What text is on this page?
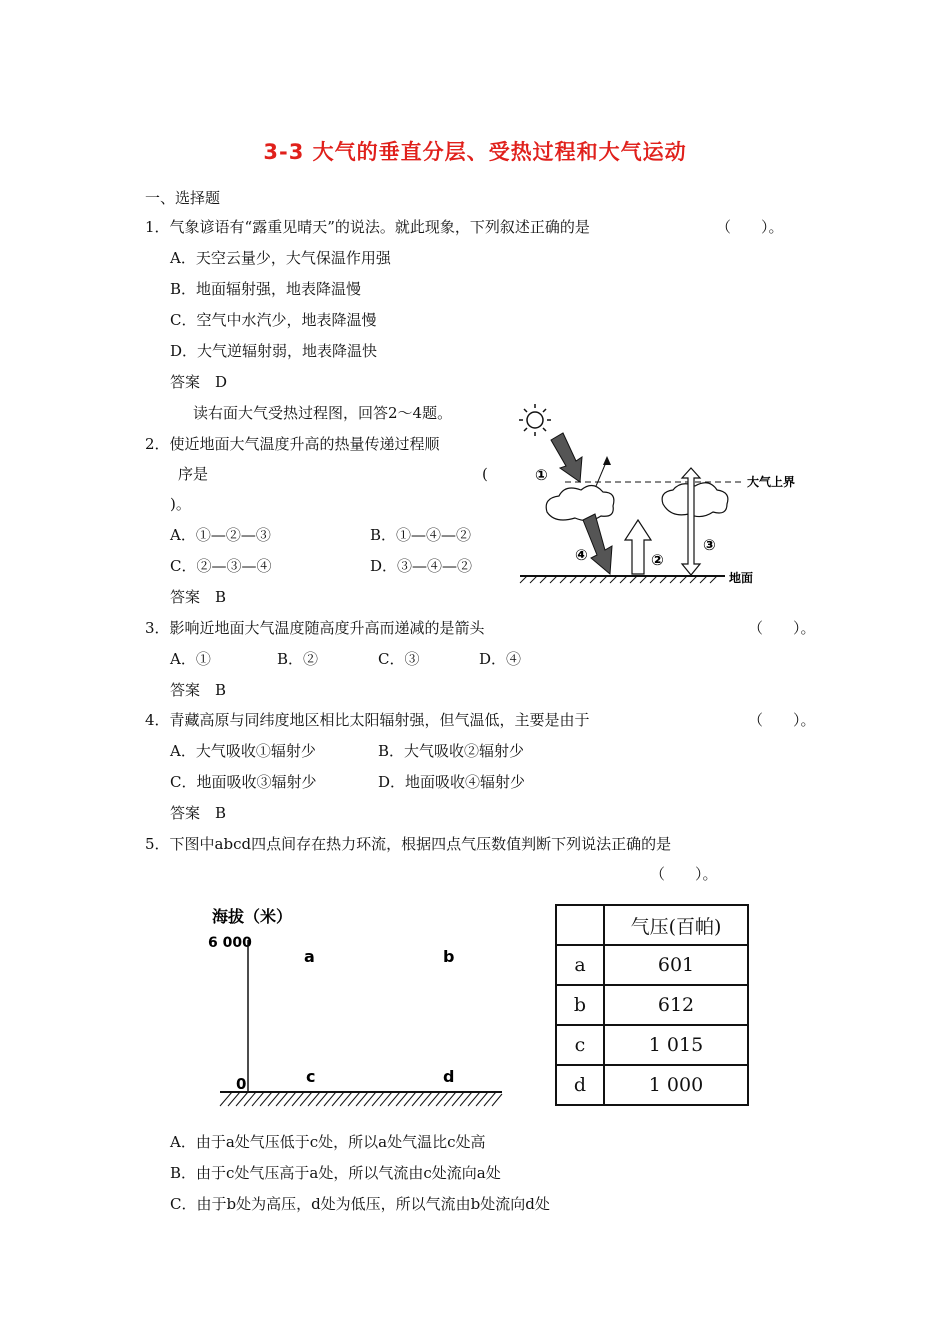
3-3 大气的垂直分层、受热过程和大气运动
一、选择题
1．气象谚语有“露重见晴天”的说法。就此现象，下列叙述正确的是	（　　）。
A．天空云量少，大气保温作用强
B．地面辐射强，地表降温慢
C．空气中水汽少，地表降温慢
D．大气逆辐射弱，地表降温快
答案　D
读右面大气受热过程图，回答2～4题。
2．使近地面大气温度升高的热量传递过程顺
序是	(
)。
A．①—②—③	B．①—④—②
C．②—③—④	D．③—④—②
答案　B
①
②
③
④
大气上界
地面
3．影响近地面大气温度随高度升高而递减的是箭头	（　　）。
A．①	B．②	C．③	D．④
答案　B
4．青藏高原与同纬度地区相比太阳辐射强，但气温低，主要是由于	（　　）。
A．大气吸收①辐射少	B．大气吸收②辐射少
C．地面吸收③辐射少	D．地面吸收④辐射少
答案　B
5．下图中abcd四点间存在热力环流，根据四点气压数值判断下列说法正确的是
（　　）。
海拔（米）
6 000
0
a	b
c	d
	气压(百帕)
a	601
b	612
c	1 015
d	1 000
A．由于a处气压低于c处，所以a处气温比c处高
B．由于c处气压高于a处，所以气流由c处流向a处
C．由于b处为高压，d处为低压，所以气流由b处流向d处
